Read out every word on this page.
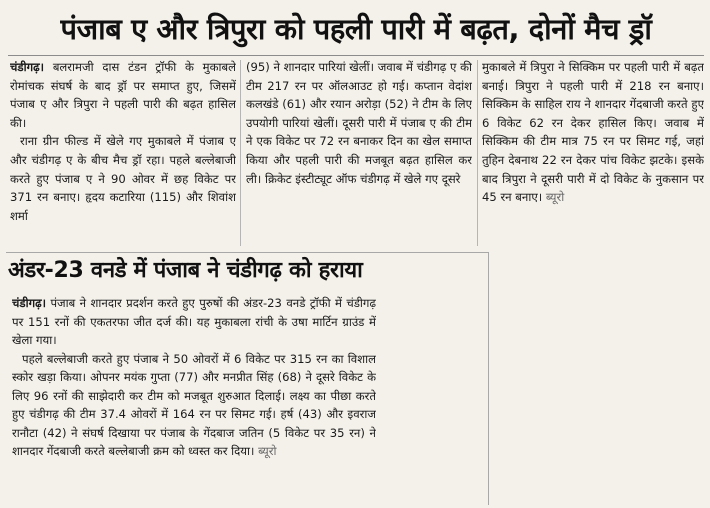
पंजाब ए और त्रिपुरा को पहली पारी में बढ़त, दोनों मैच ड्रॉ

चंडीगढ़। बलरामजी दास टंडन ट्रॉफी के मुकाबले रोमांचक संघर्ष के बाद ड्रॉ पर समाप्त हुए, जिसमें पंजाब ए और त्रिपुरा ने पहली पारी की बढ़त हासिल की।

राना ग्रीन फील्ड में खेले गए मुकाबले में पंजाब ए और चंडीगढ़ ए के बीच मैच ड्रॉ रहा। पहले बल्लेबाजी करते हुए पंजाब ए ने 90 ओवर में छह विकेट पर 371 रन बनाए। हृदय कटारिया (115) और शिवांश शर्मा

(95) ने शानदार पारियां खेलीं। जवाब में चंडीगढ़ ए की टीम 217 रन पर ऑलआउट हो गई। कप्तान वेदांश कलखंडे (61) और रयान अरोड़ा (52) ने टीम के लिए उपयोगी पारियां खेलीं। दूसरी पारी में पंजाब ए की टीम ने एक विकेट पर 72 रन बनाकर दिन का खेल समाप्त किया और पहली पारी की मजबूत बढ़त हासिल कर ली। क्रिकेट इंस्टीट्यूट ऑफ चंडीगढ़ में खेले गए दूसरे

मुकाबले में त्रिपुरा ने सिक्किम पर पहली पारी में बढ़त बनाई। त्रिपुरा ने पहली पारी में 218 रन बनाए। सिक्किम के साहिल राय ने शानदार गेंदबाजी करते हुए 6 विकेट 62 रन देकर हासिल किए। जवाब में सिक्किम की टीम मात्र 75 रन पर सिमट गई, जहां तुहिन देबनाथ 22 रन देकर पांच विकेट झटके। इसके बाद त्रिपुरा ने दूसरी पारी में दो विकेट के नुकसान पर 45 रन बनाए। ब्यूरो

अंडर-23 वनडे में पंजाब ने चंडीगढ़ को हराया

चंडीगढ़। पंजाब ने शानदार प्रदर्शन करते हुए पुरुषों की अंडर-23 वनडे ट्रॉफी में चंडीगढ़ पर 151 रनों की एकतरफा जीत दर्ज की। यह मुकाबला रांची के उषा मार्टिन ग्राउंड में खेला गया।

पहले बल्लेबाजी करते हुए पंजाब ने 50 ओवरों में 6 विकेट पर 315 रन का विशाल स्कोर खड़ा किया। ओपनर मयंक गुप्ता (77) और मनप्रीत सिंह (68) ने दूसरे विकेट के लिए 96 रनों की साझेदारी कर टीम को मजबूत शुरुआत दिलाई। लक्ष्य का पीछा करते हुए चंडीगढ़ की टीम 37.4 ओवरों में 164 रन पर सिमट गई। हर्ष (43) और इवराज रानौटा (42) ने संघर्ष दिखाया पर पंजाब के गेंदबाज जतिन (5 विकेट पर 35 रन) ने शानदार गेंदबाजी करते बल्लेबाजी क्रम को ध्वस्त कर दिया। ब्यूरो
